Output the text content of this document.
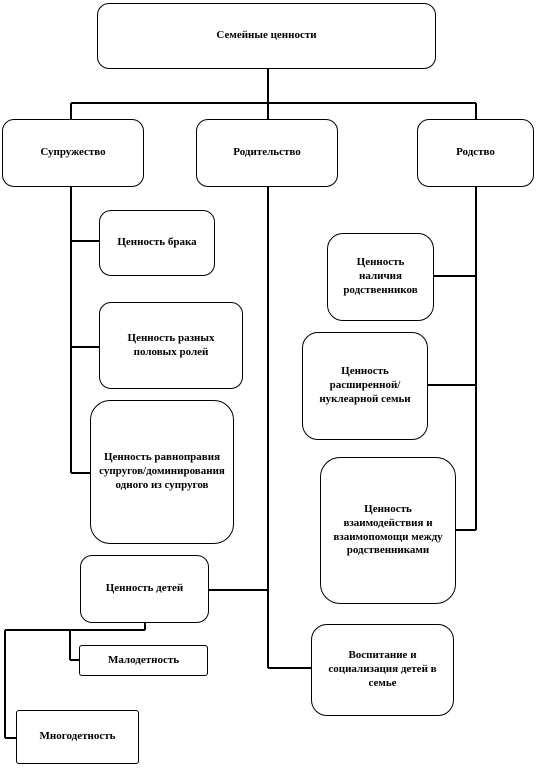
Семейные ценности
Супружество	Родительство	Родство
Ценность брака
Ценность разных половых ролей
Ценность равноправия супругов/доминирования одного из супругов
Ценность детей
Малодетность
Многодетность
Воспитание и социализация детей в семье
Ценность наличия родственников
Ценность расширенной/нуклеарной семьи
Ценность взаимодействия и взаимопомощи между родственниками
